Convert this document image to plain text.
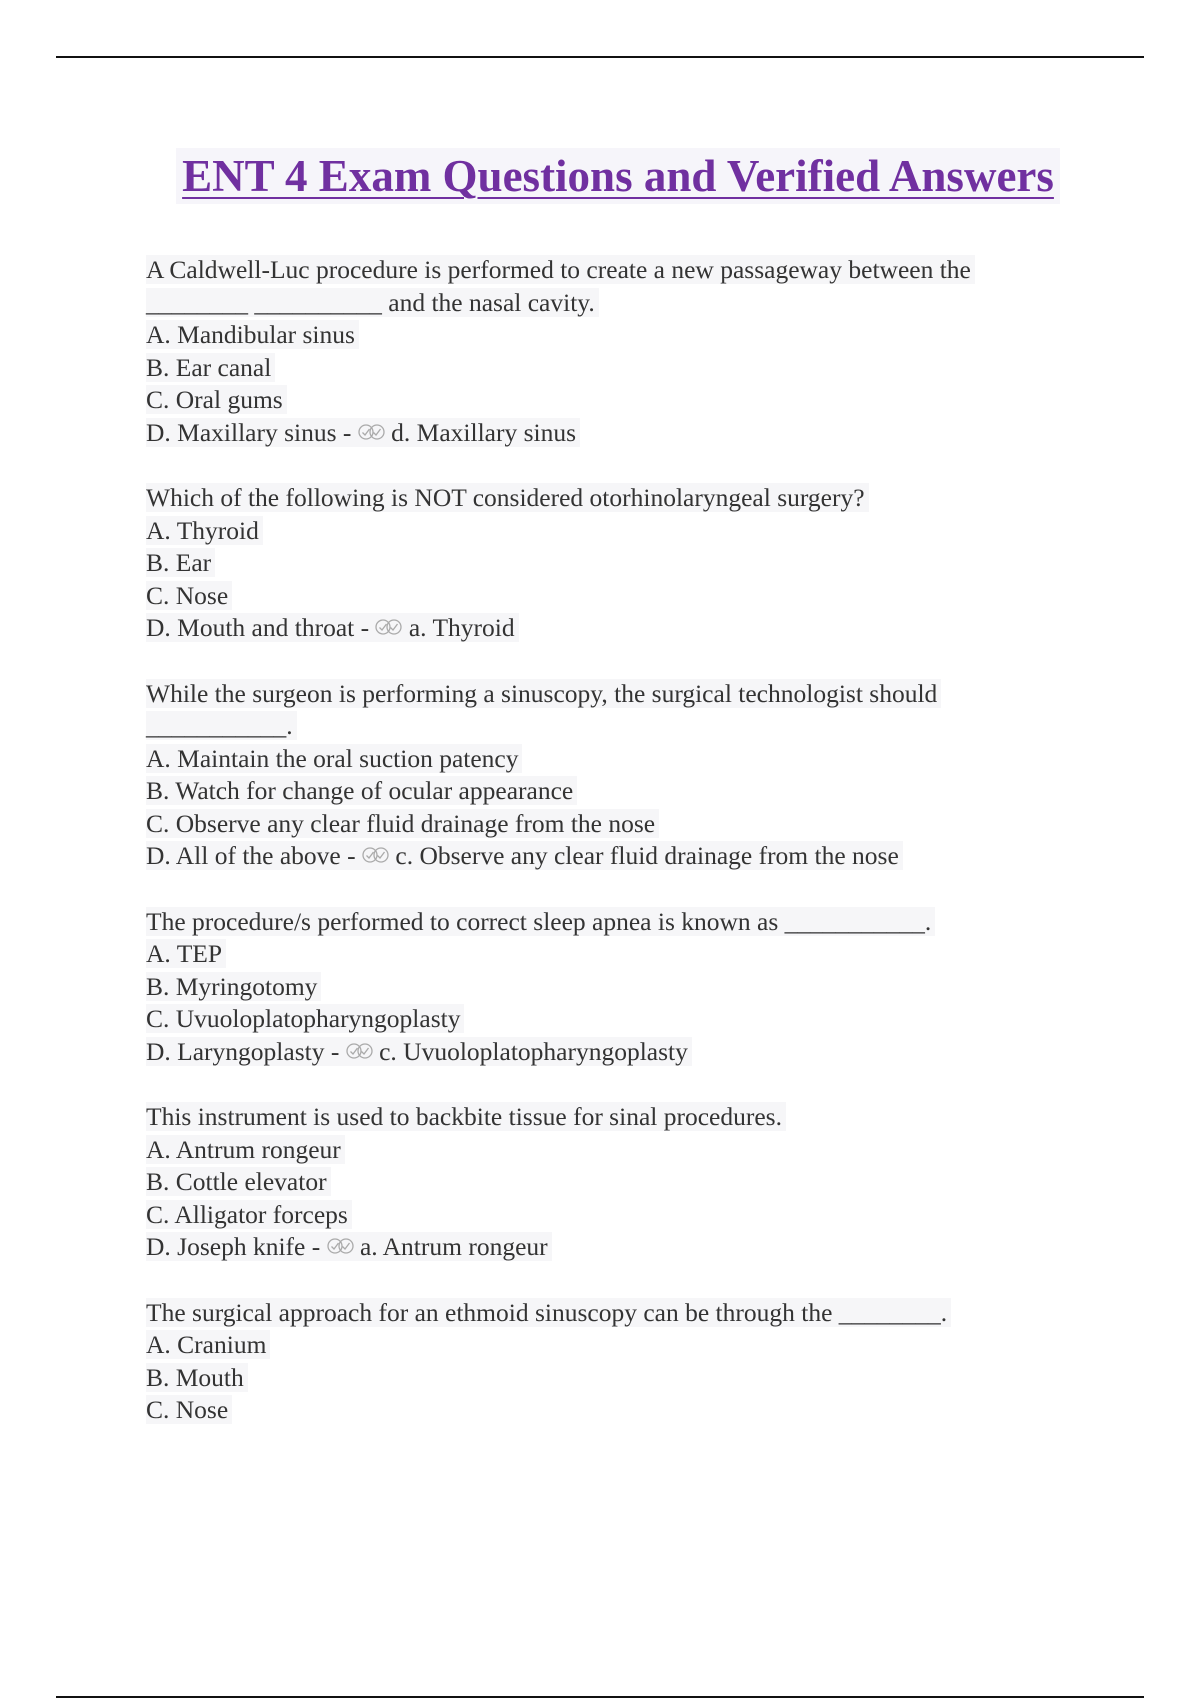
ENT 4 Exam Questions and Verified Answers
A Caldwell-Luc procedure is performed to create a new passageway between the
________ __________ and the nasal cavity.
A. Mandibular sinus
B. Ear canal
C. Oral gums
D. Maxillary sinus - d. Maxillary sinus
Which of the following is NOT considered otorhinolaryngeal surgery?
A. Thyroid
B. Ear
C. Nose
D. Mouth and throat - a. Thyroid
While the surgeon is performing a sinuscopy, the surgical technologist should
___________.
A. Maintain the oral suction patency
B. Watch for change of ocular appearance
C. Observe any clear fluid drainage from the nose
D. All of the above - c. Observe any clear fluid drainage from the nose
The procedure/s performed to correct sleep apnea is known as ___________.
A. TEP
B. Myringotomy
C. Uvuoloplatopharyngoplasty
D. Laryngoplasty - c. Uvuoloplatopharyngoplasty
This instrument is used to backbite tissue for sinal procedures.
A. Antrum rongeur
B. Cottle elevator
C. Alligator forceps
D. Joseph knife - a. Antrum rongeur
The surgical approach for an ethmoid sinuscopy can be through the ________.
A. Cranium
B. Mouth
C. Nose
